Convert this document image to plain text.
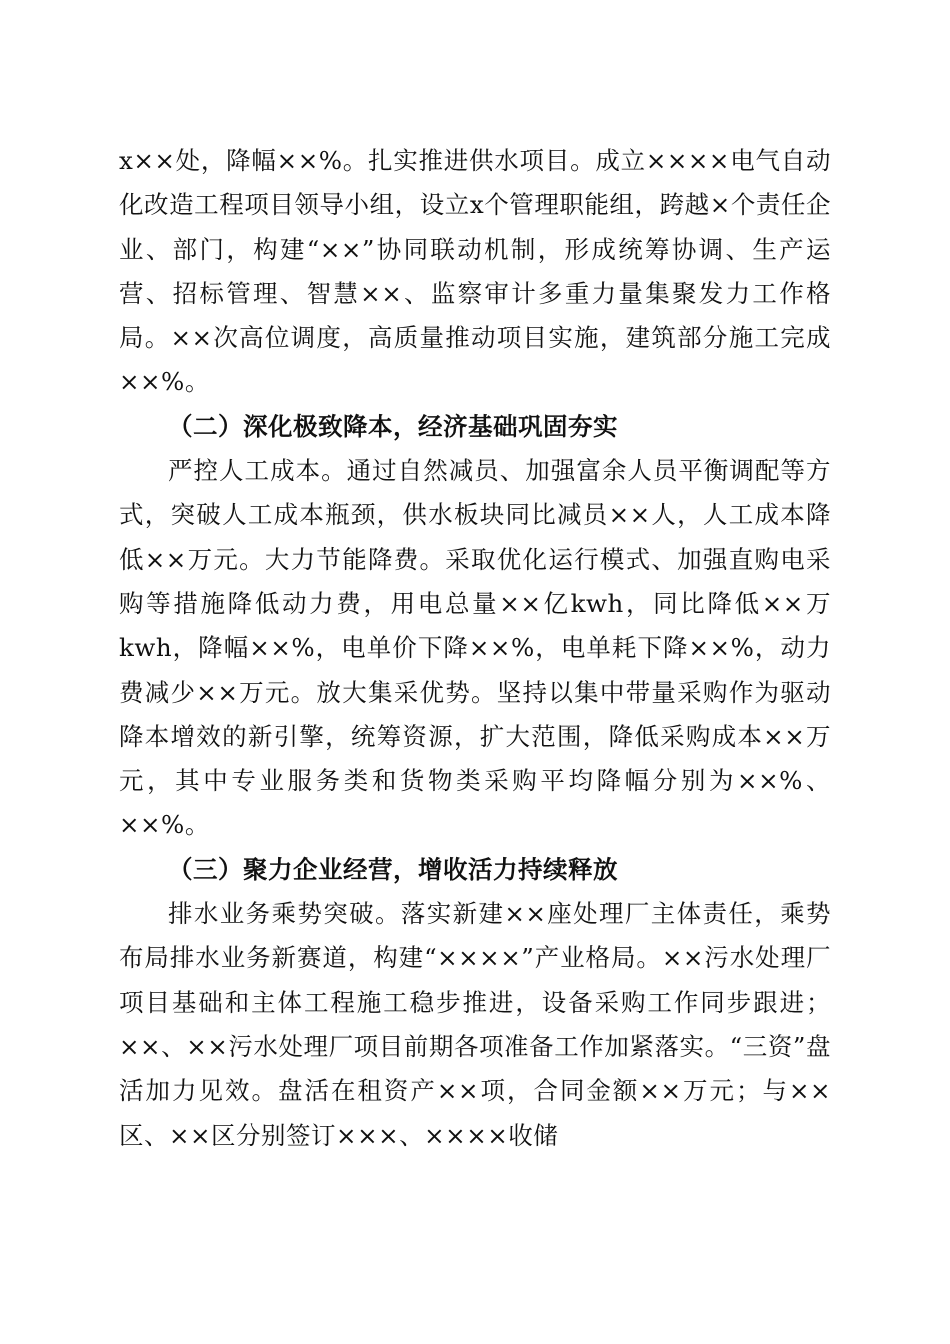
x××处，降幅××%。扎实推进供水项目。成立××××电气自动化改造工程项目领导小组，设立x个管理职能组，跨越×个责任企业、部门，构建“××”协同联动机制，形成统筹协调、生产运营、招标管理、智慧××、监察审计多重力量集聚发力工作格局。××次高位调度，高质量推动项目实施，建筑部分施工完成××%。

（二）深化极致降本，经济基础巩固夯实

严控人工成本。通过自然减员、加强富余人员平衡调配等方式，突破人工成本瓶颈，供水板块同比减员××人，人工成本降低××万元。大力节能降费。采取优化运行模式、加强直购电采购等措施降低动力费，用电总量××亿kwh，同比降低××万kwh，降幅××%，电单价下降××%，电单耗下降××%，动力费减少××万元。放大集采优势。坚持以集中带量采购作为驱动降本增效的新引擎，统筹资源，扩大范围，降低采购成本××万元，其中专业服务类和货物类采购平均降幅分别为××%、××%。

（三）聚力企业经营，增收活力持续释放

排水业务乘势突破。落实新建××座处理厂主体责任，乘势布局排水业务新赛道，构建“××××”产业格局。××污水处理厂项目基础和主体工程施工稳步推进，设备采购工作同步跟进；××、××污水处理厂项目前期各项准备工作加紧落实。“三资”盘活加力见效。盘活在租资产××项，合同金额××万元；与××区、××区分别签订×××、××××收储
